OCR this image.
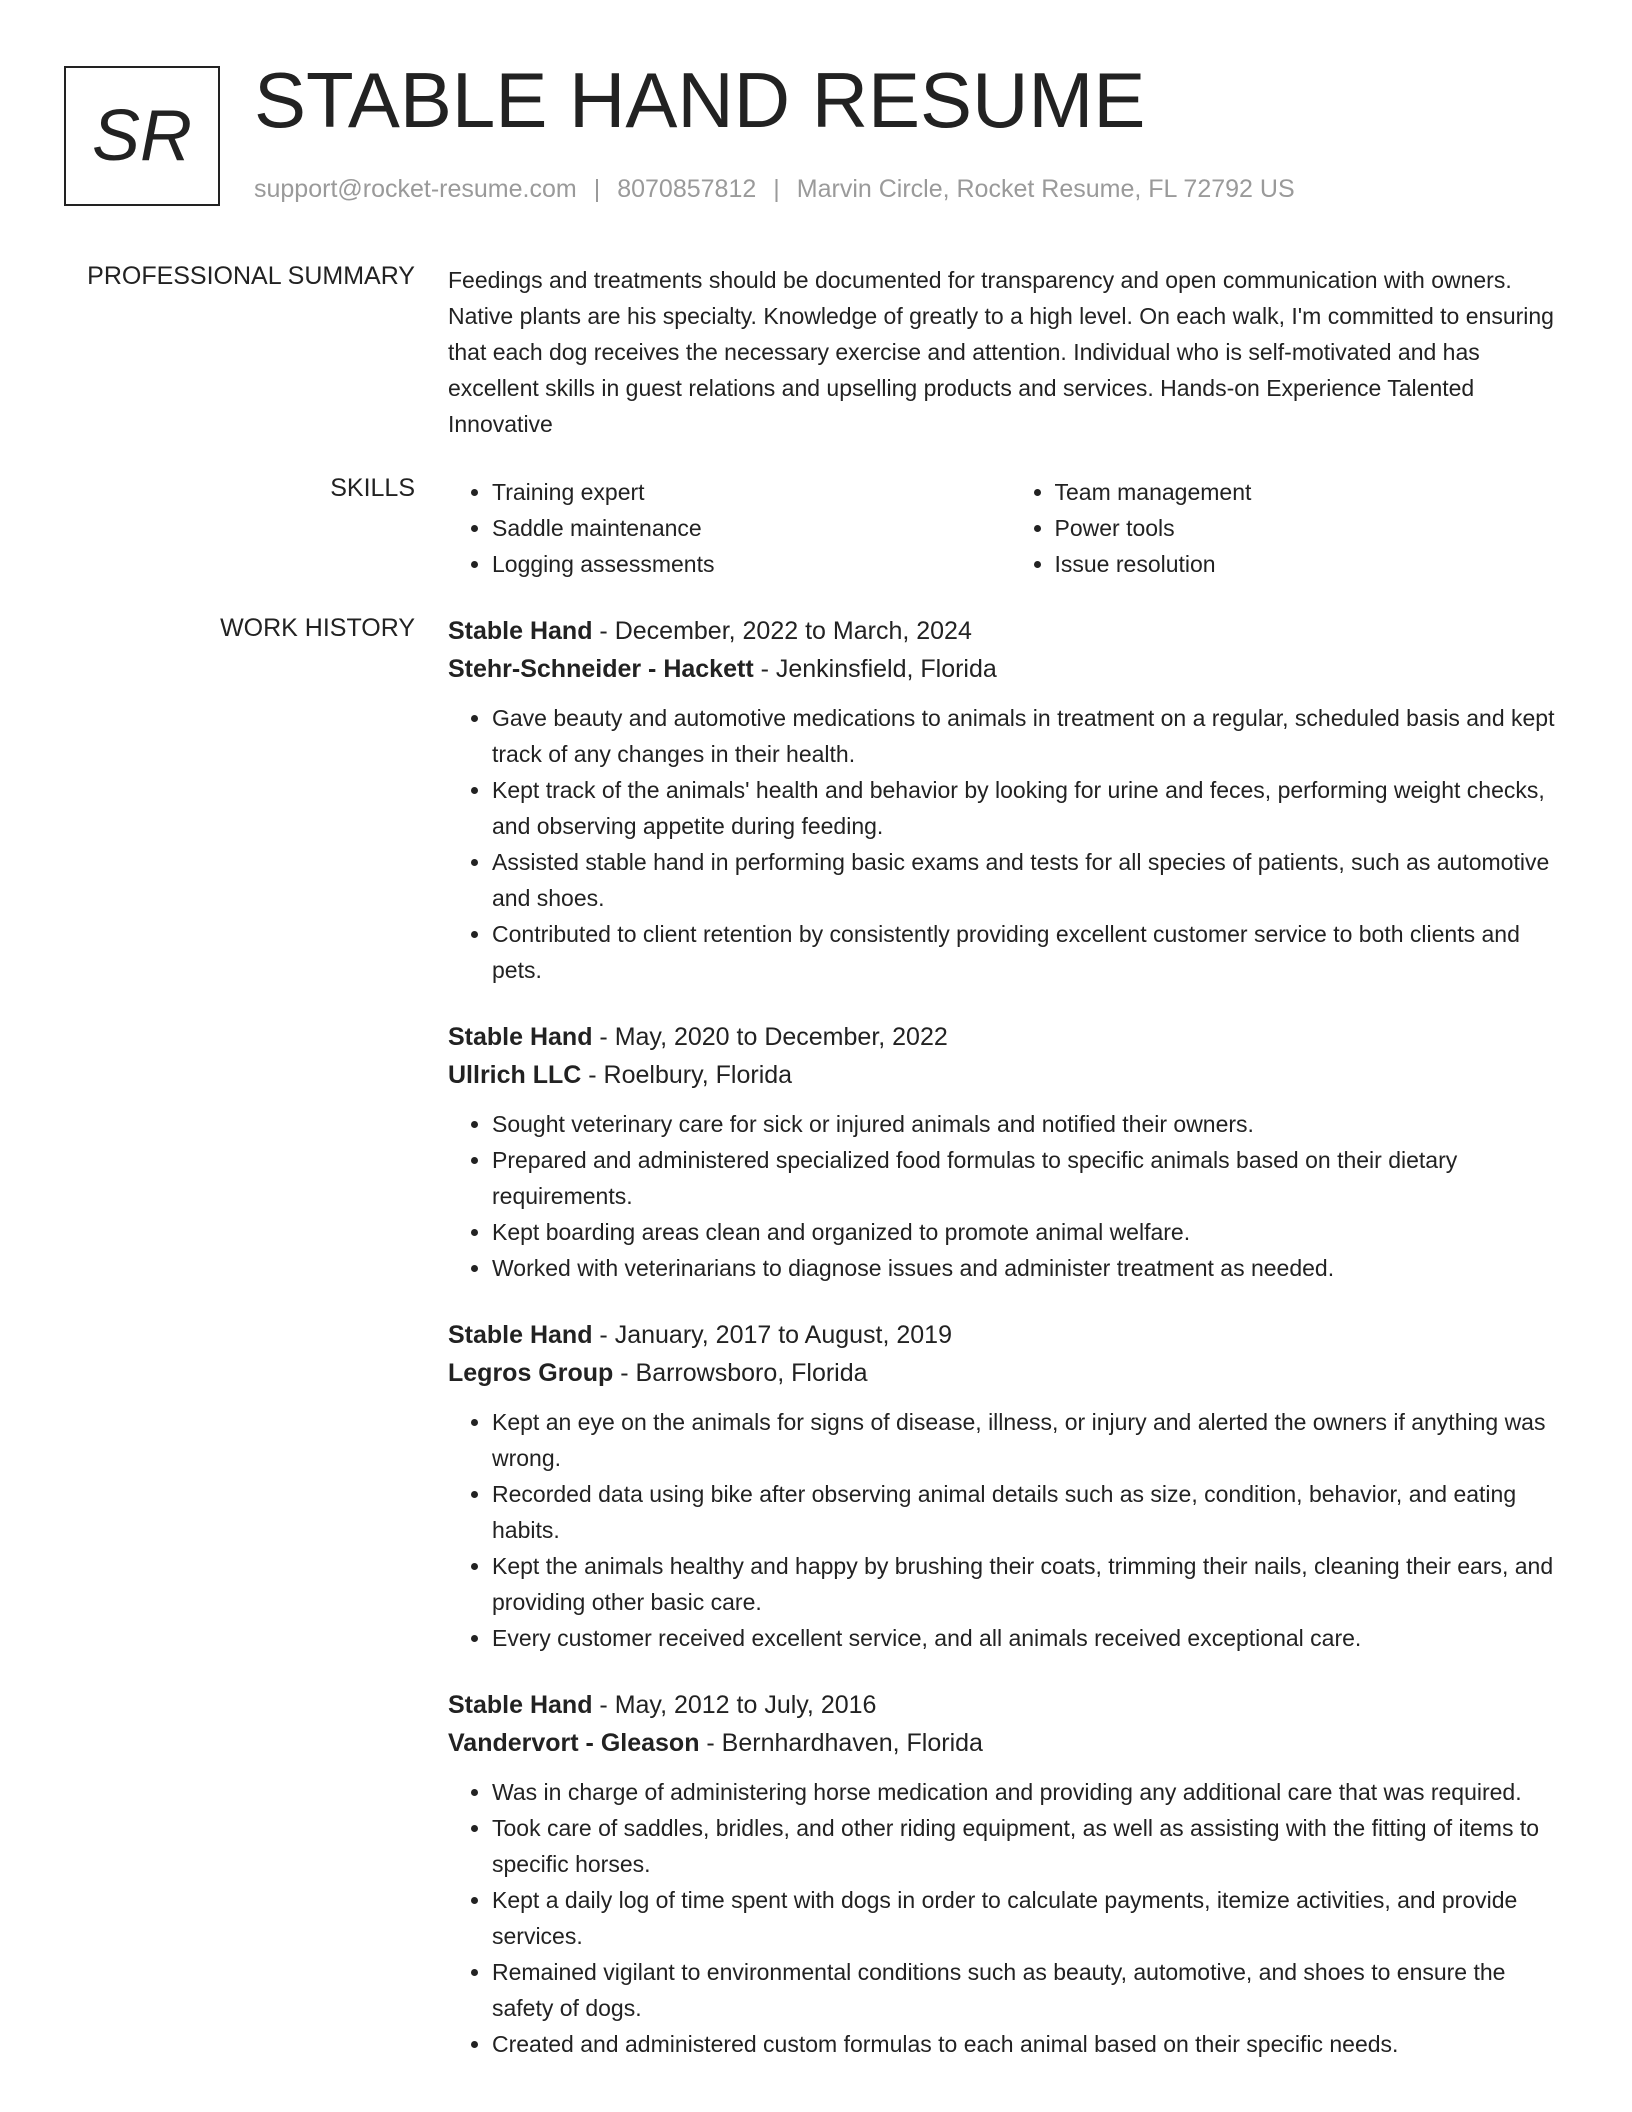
SR STABLE HAND RESUME
support@rocket-resume.com | 8070857812 | Marvin Circle, Rocket Resume, FL 72792 US
PROFESSIONAL SUMMARY Feedings and treatments should be documented for transparency and open communication with owners. Native plants are his specialty. Knowledge of greatly to a high level. On each walk, I'm committed to ensuring that each dog receives the necessary exercise and attention. Individual who is self-motivated and has excellent skills in guest relations and upselling products and services. Hands-on Experience Talented Innovative

SKILLS
•	Training expert
• Saddle maintenance
• Logging assessments
• Team management
• Power tools
• Issue resolution
WORK HISTORY Stable Hand - December, 2022 to March, 2024

Stehr-Schneider - Hackett - Jenkinsfield, Florida

• Gave beauty and automotive medications to animals in treatment on a regular, scheduled basis and kept track of any changes in their health.
• Kept track of the animals' health and behavior by looking for urine and feces, performing weight checks, and observing appetite during feeding.
• Assisted stable hand in performing basic exams and tests for all species of patients, such as automotive and shoes.
• Contributed to client retention by consistently providing excellent customer service to both clients and pets.

Stable Hand - May, 2020 to December, 2022

Ullrich LLC - Roelbury, Florida

• Sought veterinary care for sick or injured animals and notified their owners.
• Prepared and administered specialized food formulas to specific animals based on their dietary requirements.
• Kept boarding areas clean and organized to promote animal welfare.
• Worked with veterinarians to diagnose issues and administer treatment as needed.

Stable Hand - January, 2017 to August, 2019

Legros Group - Barrowsboro, Florida

• Kept an eye on the animals for signs of disease, illness, or injury and alerted the owners if anything was wrong.
• Recorded data using bike after observing animal details such as size, condition, behavior, and eating habits.
• Kept the animals healthy and happy by brushing their coats, trimming their nails, cleaning their ears, and providing other basic care.
• Every customer received excellent service, and all animals received exceptional care.

Stable Hand - May, 2012 to July, 2016

Vandervort - Gleason - Bernhardhaven, Florida

• Was in charge of administering horse medication and providing any additional care that was required.
• Took care of saddles, bridles, and other riding equipment, as well as assisting with the fitting of items to specific horses.
• Kept a daily log of time spent with dogs in order to calculate payments, itemize activities, and provide services.
• Remained vigilant to environmental conditions such as beauty, automotive, and shoes to ensure the safety of dogs.
• Created and administered custom formulas to each animal based on their specific needs.
